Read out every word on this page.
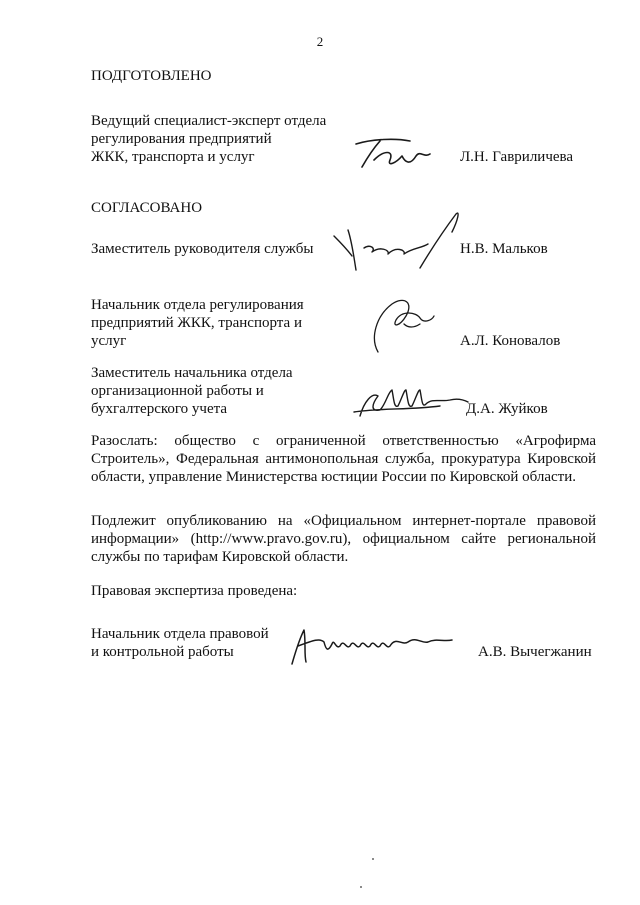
2

ПОДГОТОВЛЕНО

Ведущий специалист-эксперт отдела

регулирования предприятий

ЖКК, транспорта и услуг	Л.Н. Гавриличева

СОГЛАСОВАНО

Заместитель руководителя службы	Н.В. Мальков

Начальник отдела регулирования

предприятий ЖКК, транспорта и

услуг	А.Л. Коновалов

Заместитель начальника отдела

организационной работы и

бухгалтерского учета	Д.А. Жуйков

Разослать: общество с ограниченной ответственностью «Агрофирма Строитель», Федеральная антимонопольная служба, прокуратура Кировской области, управление Министерства юстиции России по Кировской области.

Подлежит опубликованию на «Официальном интернет-портале правовой информации» (http://www.pravo.gov.ru), официальном сайте региональной службы по тарифам Кировской области.

Правовая экспертиза проведена:

Начальник отдела правовой

и контрольной работы	А.В. Вычегжанин
